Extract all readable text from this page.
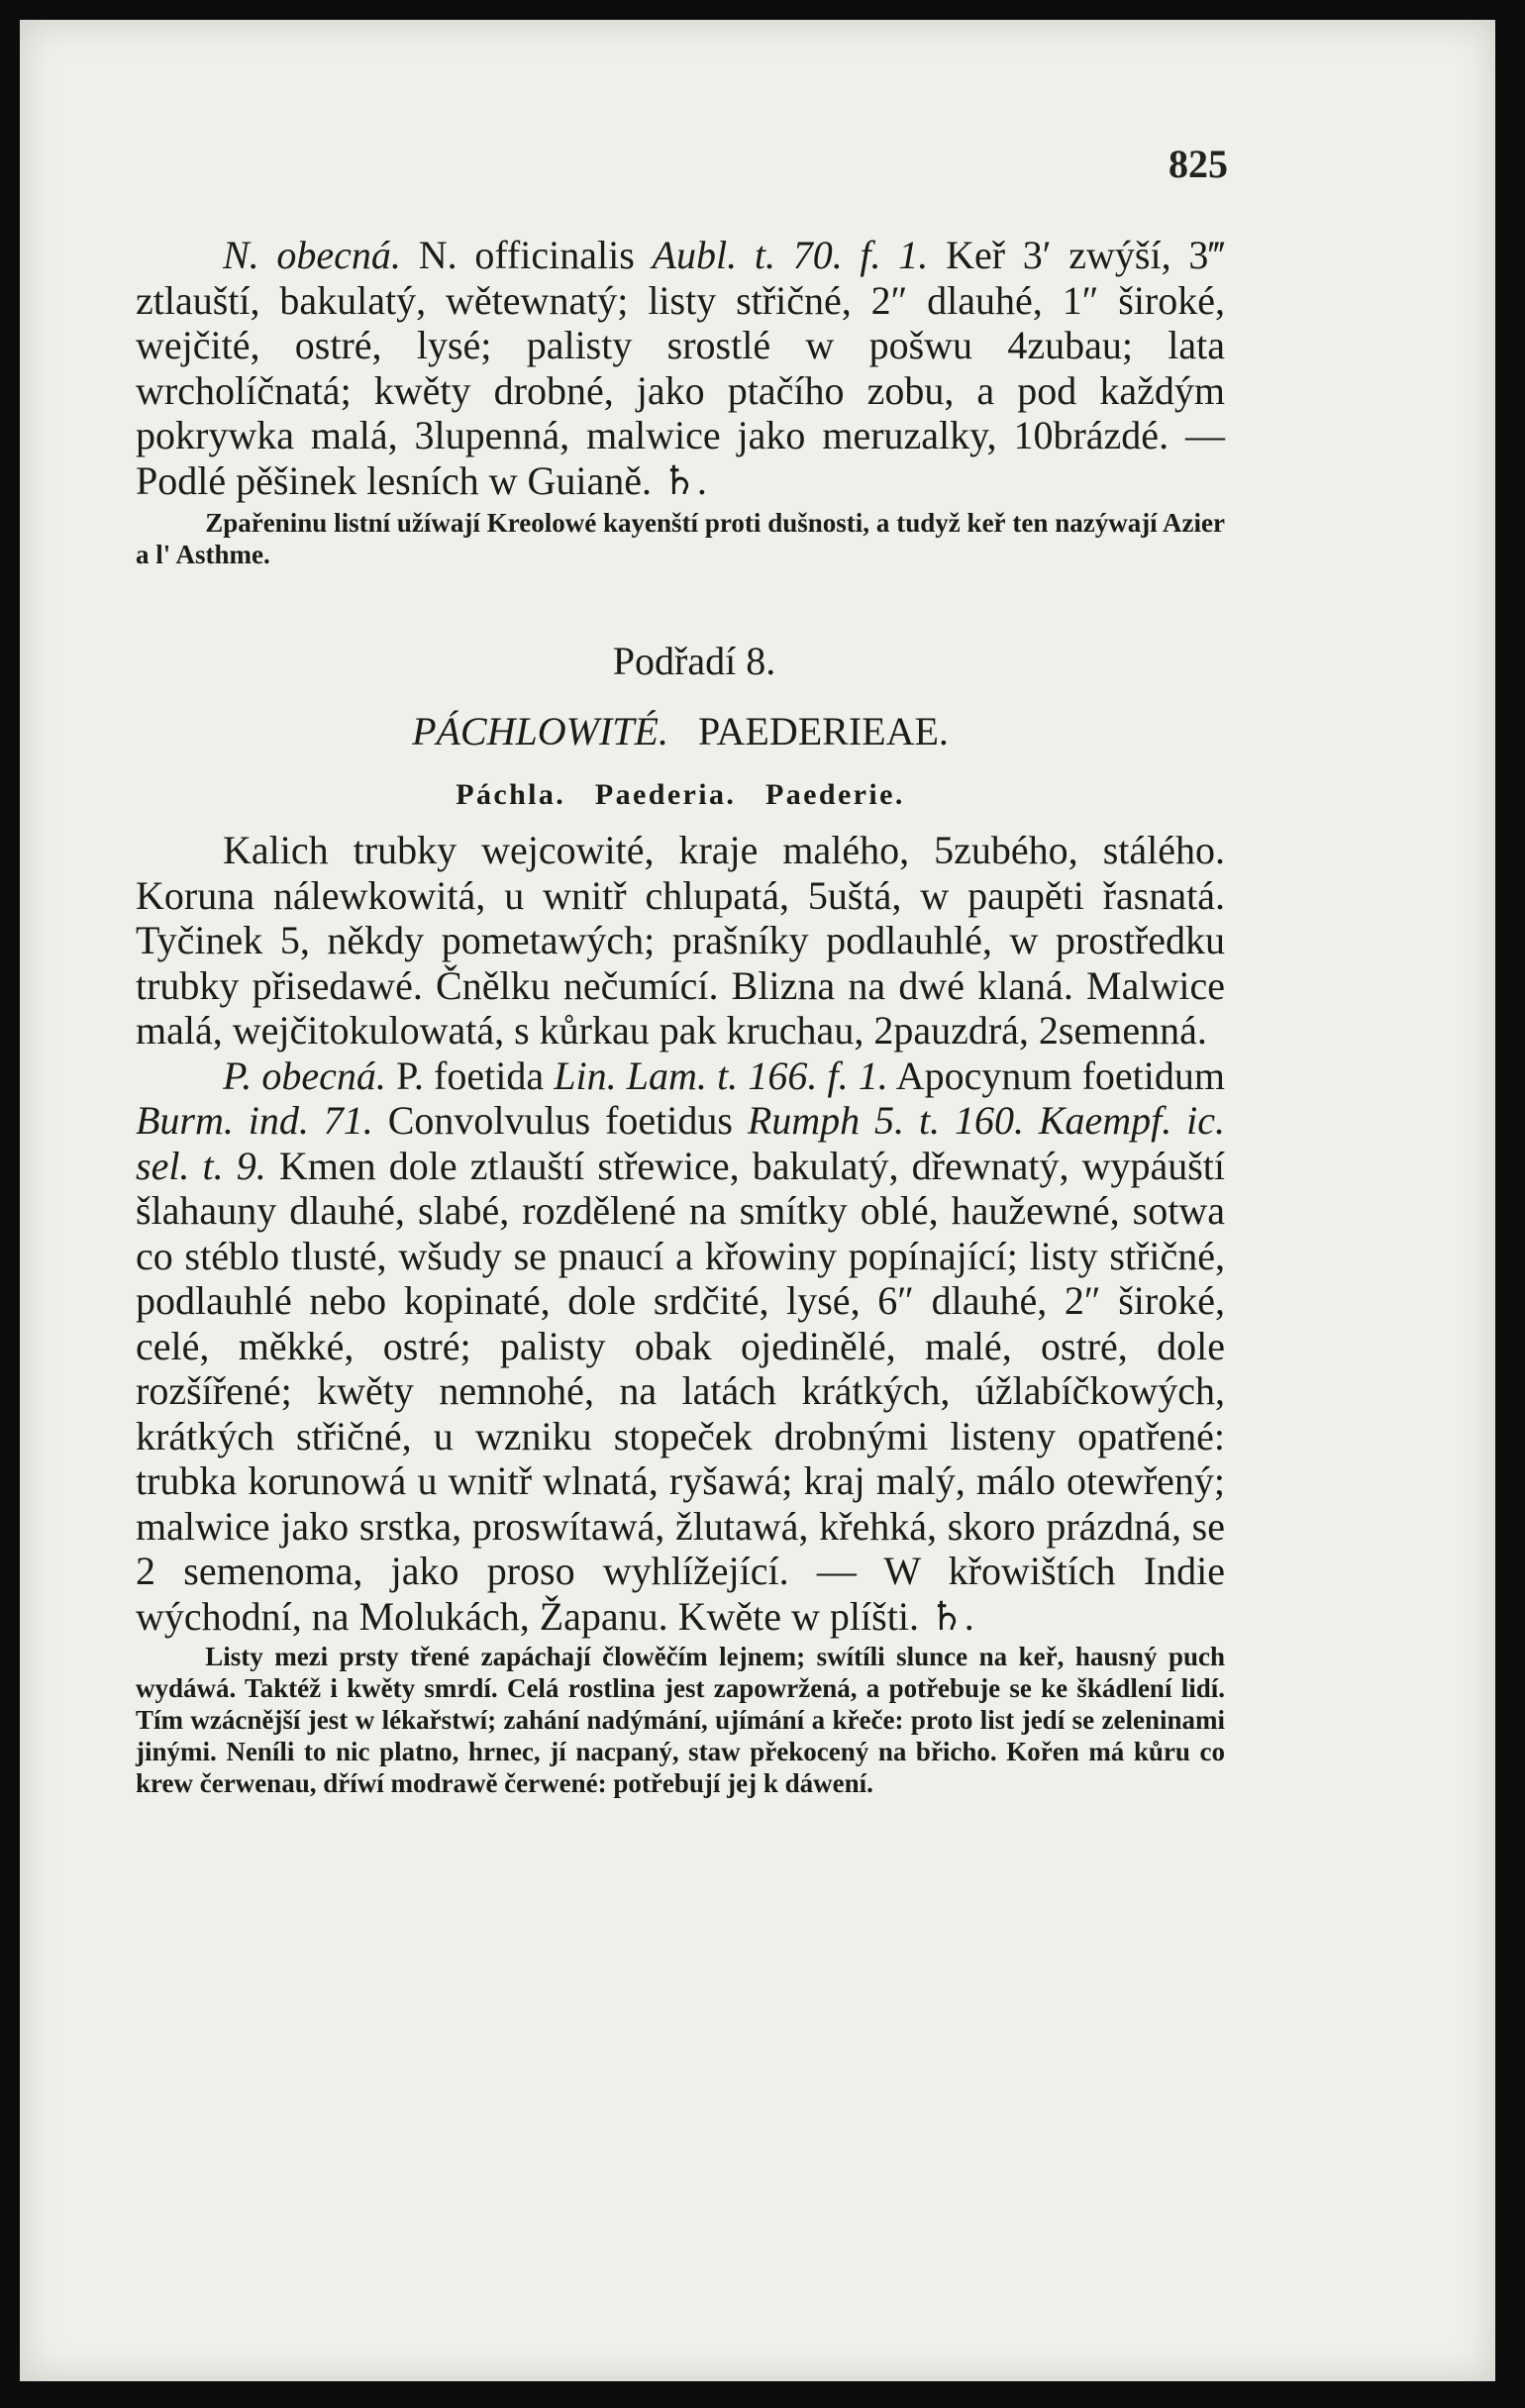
825

N. obecná. N. officinalis Aubl. t. 70. f. 1. Keř 3′ zwýší, 3‴ ztlauští, bakulatý, wětewnatý; listy střičné, 2″ dlauhé, 1″ široké, wejčité, ostré, lysé; palisty srostlé w pošwu 4zubau; lata wrcholíčnatá; kwěty drobné, jako ptačího zobu, a pod každým pokrywka malá, 3lupenná, malwice jako meruzalky, 10brázdé. — Podlé pěšinek lesních w Guianě. ♄.

Zpařeninu listní užíwají Kreolowé kayenští proti dušnosti, a tudyž keř ten nazýwají Azier a l' Asthme.

Podřadí 8.
PÁCHLOWITÉ. PAEDERIEAE.
Páchla. Paederia. Paederie.

Kalich trubky wejcowité, kraje malého, 5zubého, stálého. Koruna nálewkowitá, u wnitř chlupatá, 5uštá, w paupěti řasnatá. Tyčinek 5, někdy pometawých; prašníky podlauhlé, w prostředku trubky přisedawé. Čnělku nečumící. Blizna na dwé klaná. Malwice malá, wejčitokulowatá, s kůrkau pak kruchau, 2pauzdrá, 2semenná.

P. obecná. P. foetida Lin. Lam. t. 166. f. 1. Apocynum foetidum Burm. ind. 71. Convolvulus foetidus Rumph 5. t. 160. Kaempf. ic. sel. t. 9. Kmen dole ztlauští střewice, bakulatý, dřewnatý, wypáuští šlahauny dlauhé, slabé, rozdělené na smítky oblé, haužewné, sotwa co stéblo tlusté, wšudy se pnaucí a křowiny popínající; listy střičné, podlauhlé nebo kopinaté, dole srdčité, lysé, 6″ dlauhé, 2″ široké, celé, měkké, ostré; palisty obak ojedinělé, malé, ostré, dole rozšířené; kwěty nemnohé, na latách krátkých, úžlabíčkowých, krátkých střičné, u wzniku stopeček drobnými listeny opatřené: trubka korunowá u wnitř wlnatá, ryšawá; kraj malý, málo otewřený; malwice jako srstka, proswítawá, žlutawá, křehká, skoro prázdná, se 2 semenoma, jako proso wyhlížející. — W křowištích Indie wýchodní, na Molukách, Žapanu. Kwěte w plíšti. ♄.

Listy mezi prsty třené zapáchají člowěčím lejnem; swítíli slunce na keř, hausný puch wydáwá. Taktéž i kwěty smrdí. Celá rostlina jest zapowržená, a potřebuje se ke škádlení lidí. Tím wzácnější jest w lékařstwí; zahání nadýmání, ujímání a křeče: proto list jedí se zeleninami jinými. Neníli to nic platno, hrnec, jí nacpaný, staw překocený na břicho. Kořen má kůru co krew čerwenau, dříwí modrawě čerwené: potřebují jej k dáwení.
